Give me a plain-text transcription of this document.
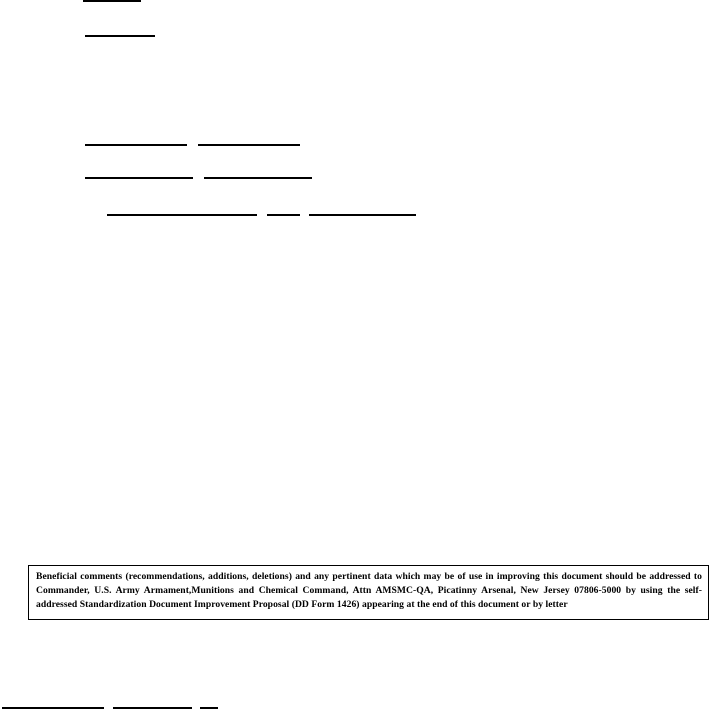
Beneficial comments (recommendations, additions, deletions) and any pertinent data which may be of use in improving this document should be addressed to Commander, U.S. Army Armament,Munitions and Chemical Command, Attn AMSMC-QA, Picatinny Arsenal, New Jersey 07806-5000 by using the self-addressed Standardization Document Improvement Proposal (DD Form 1426) appearing at the end of this document or by letter
